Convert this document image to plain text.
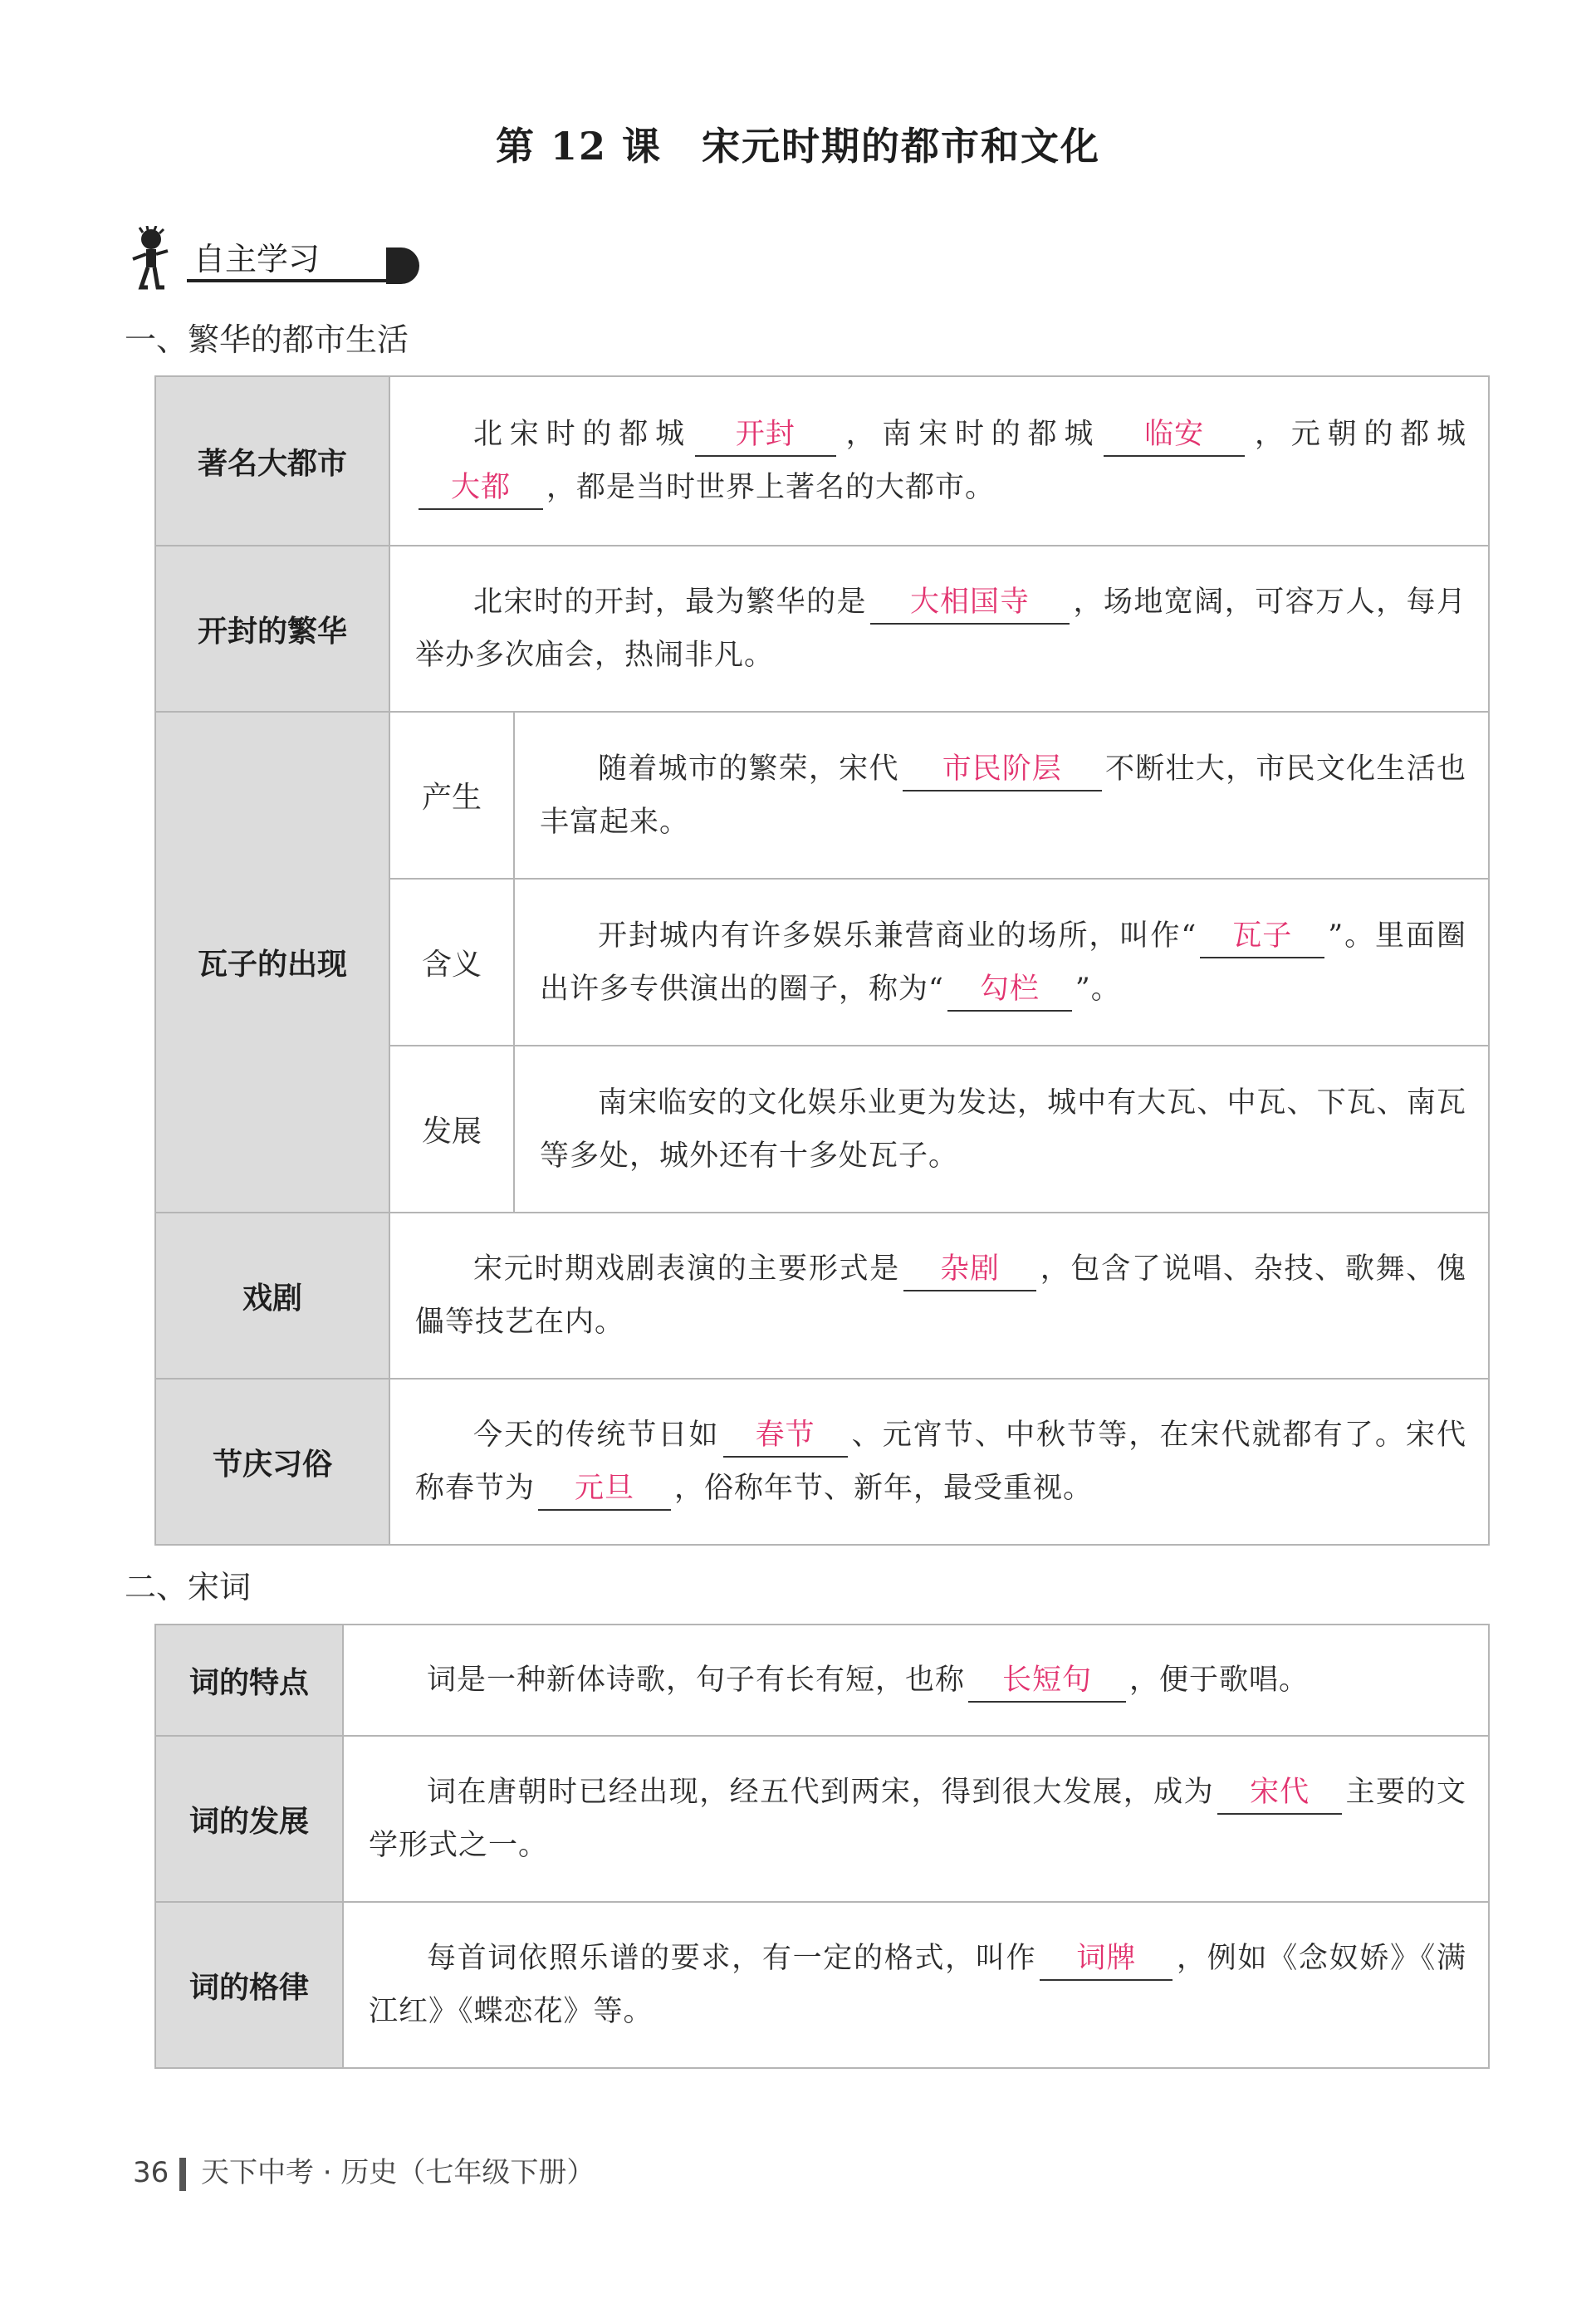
第 12 课　宋元时期的都市和文化
自主学习
一、繁华的都市生活
著名大都市	北宋时的都城 开封 ，南宋时的都城 临安 ，元朝的都城大都 ，都是当时世界上著名的大都市。	

开封的繁华	北宋时的开封，最为繁华的是 大相国寺 ，场地宽阔，可容万人，每月举办多次庙会，热闹非凡。	

瓦子的出现	产生	随着城市的繁荣，宋代 市民阶层 不断壮大，市民文化生活也丰富起来。

	含义	开封城内有许多娱乐兼营商业的场所，叫作“ 瓦子 ”。里面圈出许多专供演出的圈子，称为“ 勾栏 ”。

	发展	南宋临安的文化娱乐业更为发达，城中有大瓦、中瓦、下瓦、南瓦等多处，城外还有十多处瓦子。

戏剧	宋元时期戏剧表演的主要形式是 杂剧 ，包含了说唱、杂技、歌舞、傀儡等技艺在内。	

节庆习俗	今天的传统节日如 春节 、元宵节、中秋节等，在宋代就都有了。宋代称春节为 元旦 ，俗称年节、新年，最受重视。	
二、宋词
词的特点	词是一种新体诗歌，句子有长有短，也称 长短句 ，便于歌唱。

词的发展	词在唐朝时已经出现，经五代到两宋，得到很大发展，成为 宋代 主要的文学形式之一。

词的格律	每首词依照乐谱的要求，有一定的格式，叫作 词牌 ，例如《念奴娇》《满江红》《蝶恋花》等。
36 天下中考 · 历史（七年级下册）
